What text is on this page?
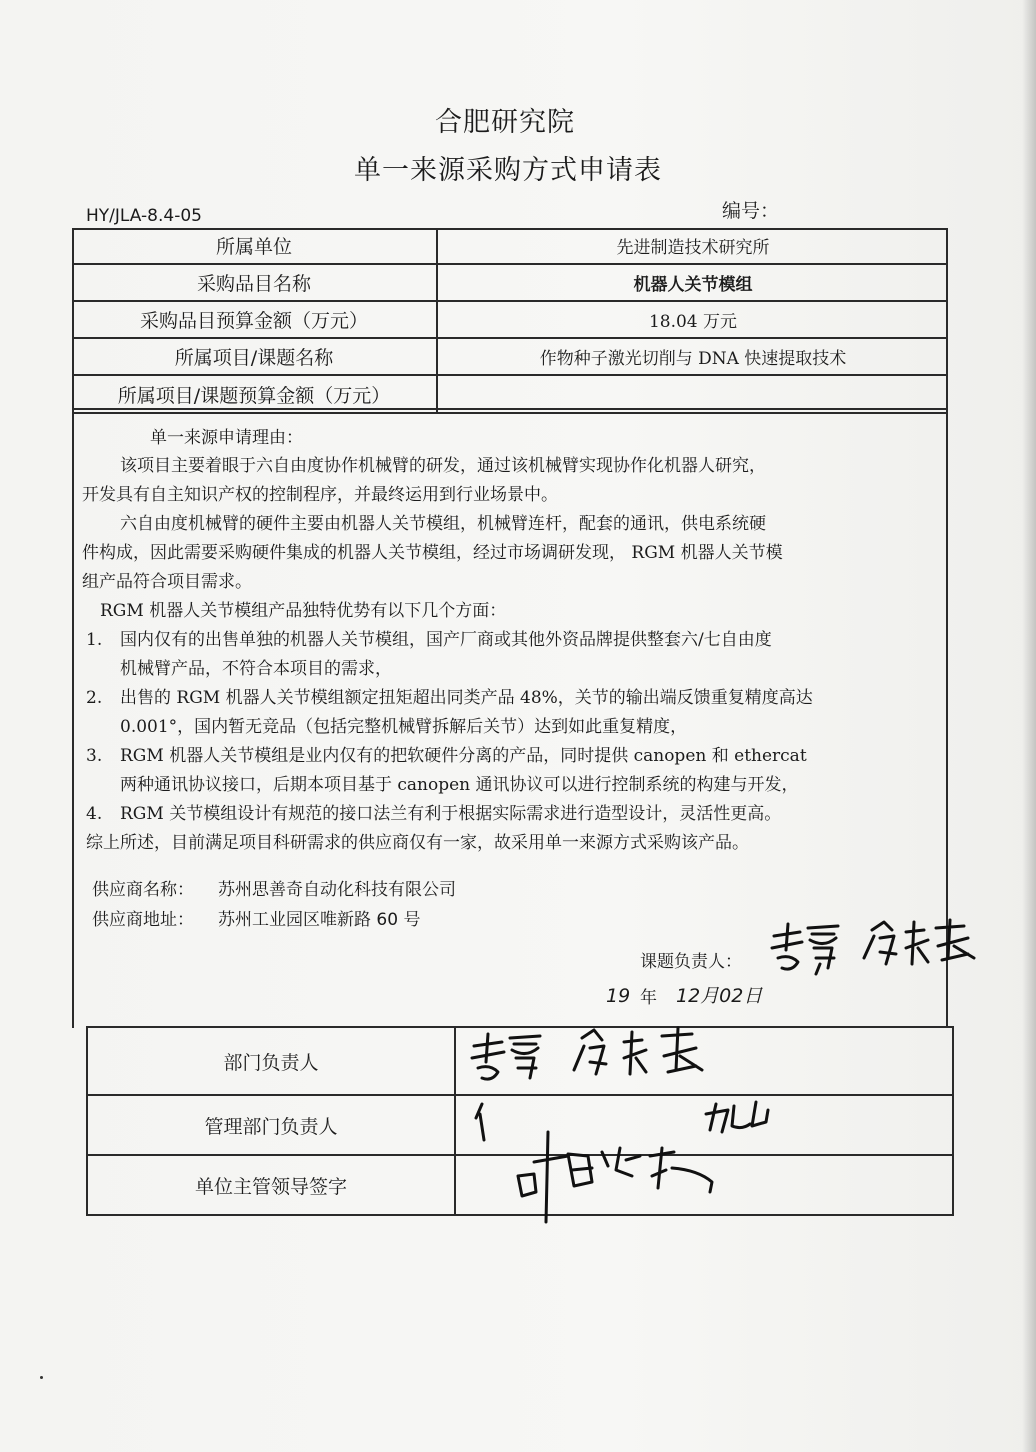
合肥研究院
单一来源采购方式申请表
HY/JLA-8.4-05	编号：
所属单位	先进制造技术研究所
采购品目名称	机器人关节模组
采购品目预算金额（万元）	18.04 万元
所属项目/课题名称	作物种子激光切削与 DNA 快速提取技术
所属项目/课题预算金额（万元）
单一来源申请理由：
该项目主要着眼于六自由度协作机械臂的研发，通过该机械臂实现协作化机器人研究，
开发具有自主知识产权的控制程序，并最终运用到行业场景中。
六自由度机械臂的硬件主要由机器人关节模组，机械臂连杆，配套的通讯，供电系统硬
件构成，因此需要采购硬件集成的机器人关节模组，经过市场调研发现， RGM 机器人关节模
组产品符合项目需求。
RGM 机器人关节模组产品独特优势有以下几个方面：
1. 国内仅有的出售单独的机器人关节模组，国产厂商或其他外资品牌提供整套六/七自由度
机械臂产品，不符合本项目的需求，
2. 出售的 RGM 机器人关节模组额定扭矩超出同类产品 48%，关节的输出端反馈重复精度高达
0.001°，国内暂无竞品（包括完整机械臂拆解后关节）达到如此重复精度，
3. RGM 机器人关节模组是业内仅有的把软硬件分离的产品，同时提供 canopen 和 ethercat
两种通讯协议接口，后期本项目基于 canopen 通讯协议可以进行控制系统的构建与开发，
4. RGM 关节模组设计有规范的接口法兰有利于根据实际需求进行造型设计，灵活性更高。
综上所述，目前满足项目科研需求的供应商仅有一家，故采用单一来源方式采购该产品。
供应商名称： 苏州思善奇自动化科技有限公司
供应商地址： 苏州工业园区唯新路 60 号
课题负责人：
19 年 12月02日
部门负责人
管理部门负责人
单位主管领导签字
